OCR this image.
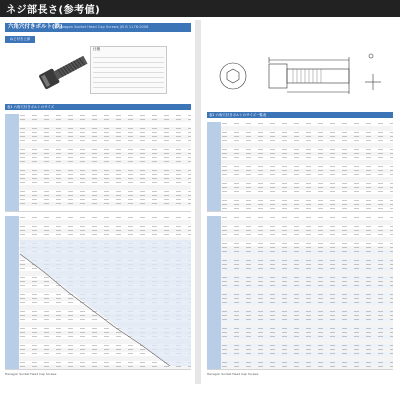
ネジ部長さ(参考値)
六角穴付きボルト(鉄)
Hexagon Socket Head Cap Screws JIS B 1176:2006
ねじ付き上部
仕様
表1 六角穴付きボルトのサイズ
Hexagon Socket Head Cap Screws
表2 六角穴付きボルトのサイズ一覧表
Hexagon Socket Head Cap Screws
